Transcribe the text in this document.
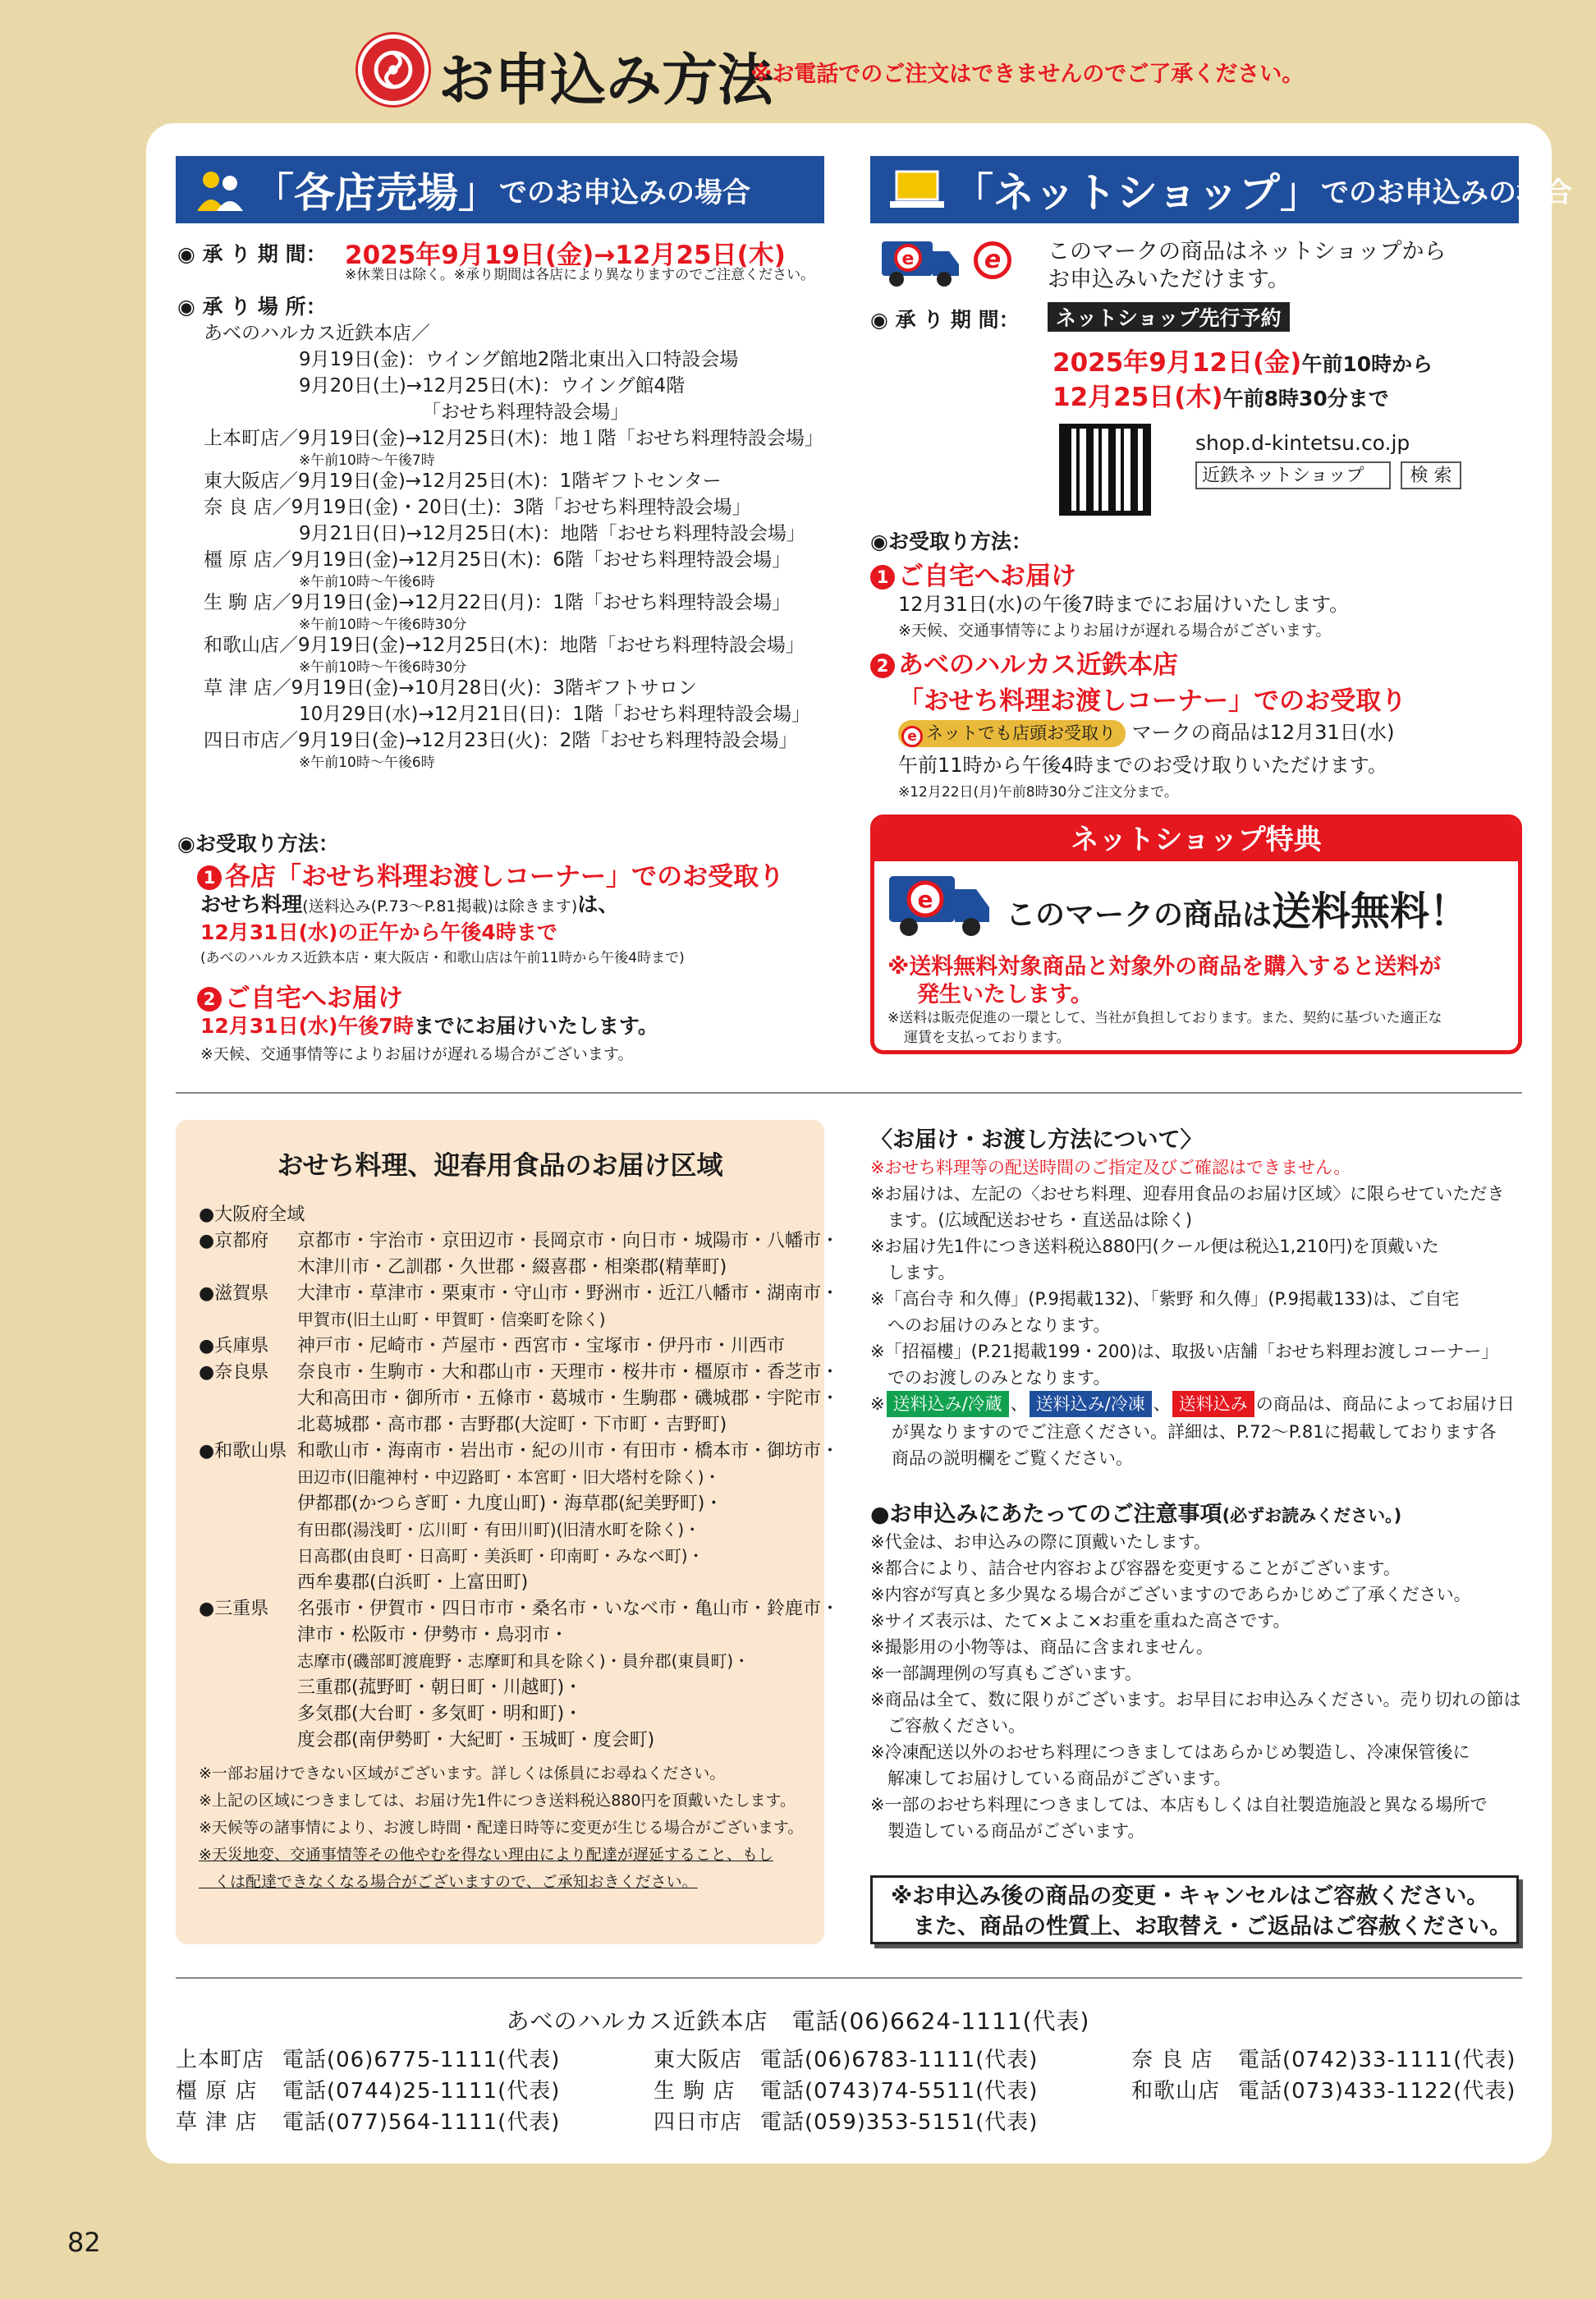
お申込み方法
※お電話でのご注文はできませんのでご了承ください。
「各店売場」 でのお申込みの場合
◉ 承 り 期 間： 2025年9月19日(金)→12月25日(木)
※休業日は除く。※承り期間は各店により異なりますのでご注意ください。
◉ 承 り 場 所：
あべのハルカス近鉄本店／
9月19日(金)：ウイング館地2階北東出入口特設会場
9月20日(土)→12月25日(木)：ウイング館4階
「おせち料理特設会場」
上本町店／9月19日(金)→12月25日(木)：地１階「おせち料理特設会場」
※午前10時〜午後7時
東大阪店／9月19日(金)→12月25日(木)：1階ギフトセンター
奈 良 店／9月19日(金)・20日(土)：3階「おせち料理特設会場」
9月21日(日)→12月25日(木)：地階「おせち料理特設会場」
橿 原 店／9月19日(金)→12月25日(木)：6階「おせち料理特設会場」
※午前10時〜午後6時
生 駒 店／9月19日(金)→12月22日(月)：1階「おせち料理特設会場」
※午前10時〜午後6時30分
和歌山店／9月19日(金)→12月25日(木)：地階「おせち料理特設会場」
※午前10時〜午後6時30分
草 津 店／9月19日(金)→10月28日(火)：3階ギフトサロン
10月29日(水)→12月21日(日)：1階「おせち料理特設会場」
四日市店／9月19日(金)→12月23日(火)：2階「おせち料理特設会場」
※午前10時〜午後6時
◉お受取り方法：
1 各店「おせち料理お渡しコーナー」でのお受取り
おせち料理(送料込み(P.73〜P.81掲載)は除きます)は、
12月31日(水)の正午から午後4時まで
(あべのハルカス近鉄本店・東大阪店・和歌山店は午前11時から午後4時まで)
2 ご自宅へお届け
12月31日(水)午後7時までにお届けいたします。
※天候、交通事情等によりお届けが遅れる場合がございます。
「ネットショップ」 でのお申込みの場合
e	e	このマークの商品はネットショップから
お申込みいただけます。
◉ 承 り 期 間：	ネットショップ先行予約
2025年9月12日(金)午前10時から
12月25日(木)午前8時30分まで
shop.d-kintetsu.co.jp
近鉄ネットショップ	検 索
◉お受取り方法：
1 ご自宅へお届け
12月31日(水)の午後7時までにお届けいたします。
※天候、交通事情等によりお届けが遅れる場合がございます。
2 あべのハルカス近鉄本店
「おせち料理お渡しコーナー」でのお受取り
e ネットでも店頭お受取り マークの商品は12月31日(水)
午前11時から午後4時までのお受け取りいただけます。
※12月22日(月)午前8時30分ご注文分まで。
ネットショップ特典
e このマークの商品は送料無料！
※送料無料対象商品と対象外の商品を購入すると送料が
発生いたします。
※送料は販売促進の一環として、当社が負担しております。また、契約に基づいた適正な
運賃を支払っております。
おせち料理、迎春用食品のお届け区域
●大阪府全域
●京都府 京都市・宇治市・京田辺市・長岡京市・向日市・城陽市・八幡市・
木津川市・乙訓郡・久世郡・綴喜郡・相楽郡(精華町)
●滋賀県 大津市・草津市・栗東市・守山市・野洲市・近江八幡市・湖南市・
甲賀市(旧土山町・甲賀町・信楽町を除く)
●兵庫県 神戸市・尼崎市・芦屋市・西宮市・宝塚市・伊丹市・川西市
●奈良県 奈良市・生駒市・大和郡山市・天理市・桜井市・橿原市・香芝市・
大和高田市・御所市・五條市・葛城市・生駒郡・磯城郡・宇陀市・
北葛城郡・高市郡・吉野郡(大淀町・下市町・吉野町)
●和歌山県 和歌山市・海南市・岩出市・紀の川市・有田市・橋本市・御坊市・
田辺市(旧龍神村・中辺路町・本宮町・旧大塔村を除く)・
伊都郡(かつらぎ町・九度山町)・海草郡(紀美野町)・
有田郡(湯浅町・広川町・有田川町)(旧清水町を除く)・
日高郡(由良町・日高町・美浜町・印南町・みなべ町)・
西牟婁郡(白浜町・上富田町)
●三重県 名張市・伊賀市・四日市市・桑名市・いなべ市・亀山市・鈴鹿市・
津市・松阪市・伊勢市・鳥羽市・
志摩市(磯部町渡鹿野・志摩町和具を除く)・員弁郡(東員町)・
三重郡(菰野町・朝日町・川越町)・
多気郡(大台町・多気町・明和町)・
度会郡(南伊勢町・大紀町・玉城町・度会町)
※一部お届けできない区域がございます。詳しくは係員にお尋ねください。
※上記の区域につきましては、お届け先1件につき送料税込880円を頂戴いたします。
※天候等の諸事情により、お渡し時間・配達日時等に変更が生じる場合がございます。
※天災地変、交通事情等その他やむを得ない理由により配達が遅延すること、もし
　くは配達できなくなる場合がございますので、ご承知おきください。
〈お届け・お渡し方法について〉
※おせち料理等の配送時間のご指定及びご確認はできません。
※お届けは、左記の〈おせち料理、迎春用食品のお届け区域〉に限らせていただき
　ます。(広域配送おせち・直送品は除く)
※お届け先1件につき送料税込880円(クール便は税込1,210円)を頂戴いた
　します。
※「高台寺 和久傳」(P.9掲載132)、「紫野 和久傳」(P.9掲載133)は、ご自宅
　へのお届けのみとなります。
※「招福樓」(P.21掲載199・200)は、取扱い店舗「おせち料理お渡しコーナー」
　でのお渡しのみとなります。
※ 送料込み/冷蔵 、 送料込み/冷凍 、 送料込み の商品は、商品によってお届け日
が異なりますのでご注意ください。詳細は、P.72〜P.81に掲載しております各
商品の説明欄をご覧ください。
●お申込みにあたってのご注意事項(必ずお読みください。)
※代金は、お申込みの際に頂戴いたします。
※都合により、詰合せ内容および容器を変更することがございます。
※内容が写真と多少異なる場合がございますのであらかじめご了承ください。
※サイズ表示は、たて×よこ×お重を重ねた高さです。
※撮影用の小物等は、商品に含まれません。
※一部調理例の写真もございます。
※商品は全て、数に限りがございます。お早目にお申込みください。売り切れの節は
　ご容赦ください。
※冷凍配送以外のおせち料理につきましてはあらかじめ製造し、冷凍保管後に
　解凍してお届けしている商品がございます。
※一部のおせち料理につきましては、本店もしくは自社製造施設と異なる場所で
　製造している商品がございます。
※お申込み後の商品の変更・キャンセルはご容赦ください。
　また、商品の性質上、お取替え・ご返品はご容赦ください。
あべのハルカス近鉄本店　電話(06)6624-1111(代表)
上本町店 電話(06)6775-1111(代表)	東大阪店 電話(06)6783-1111(代表)	奈 良 店 電話(0742)33-1111(代表)
橿 原 店 電話(0744)25-1111(代表)	生 駒 店 電話(0743)74-5511(代表)	和歌山店 電話(073)433-1122(代表)
草 津 店 電話(077)564-1111(代表)	四日市店 電話(059)353-5151(代表)
82
